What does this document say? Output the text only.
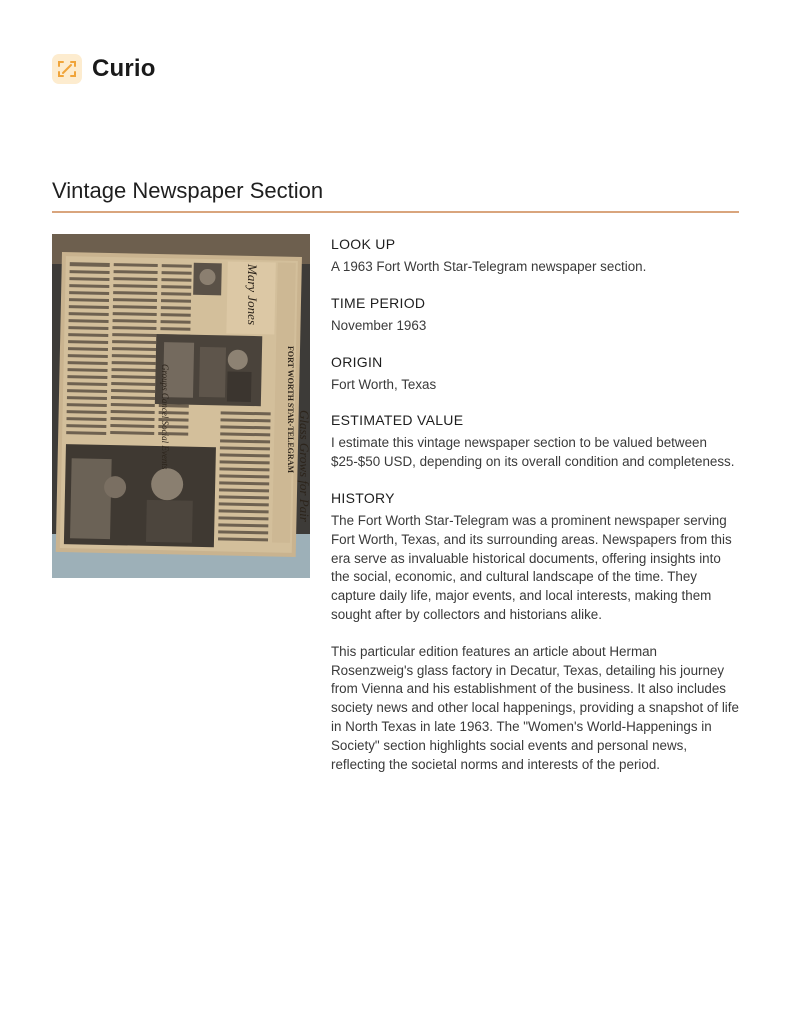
Curio
Vintage Newspaper Section
Mary Jones
FORT WORTH STAR-TELEGRAM Glass Grows for Pair
Groups Cancel Social Events
LOOK UP
A 1963 Fort Worth Star-Telegram newspaper section.
TIME PERIOD
November 1963
ORIGIN
Fort Worth, Texas
ESTIMATED VALUE
I estimate this vintage newspaper section to be valued between $25-$50 USD, depending on its overall condition and completeness.
HISTORY
The Fort Worth Star-Telegram was a prominent newspaper serving Fort Worth, Texas, and its surrounding areas. Newspapers from this era serve as invaluable historical documents, offering insights into the social, economic, and cultural landscape of the time. They capture daily life, major events, and local interests, making them sought after by collectors and historians alike.
This particular edition features an article about Herman Rosenzweig's glass factory in Decatur, Texas, detailing his journey from Vienna and his establishment of the business. It also includes society news and other local happenings, providing a snapshot of life in North Texas in late 1963. The "Women's World-Happenings in Society" section highlights social events and personal news, reflecting the societal norms and interests of the period.
